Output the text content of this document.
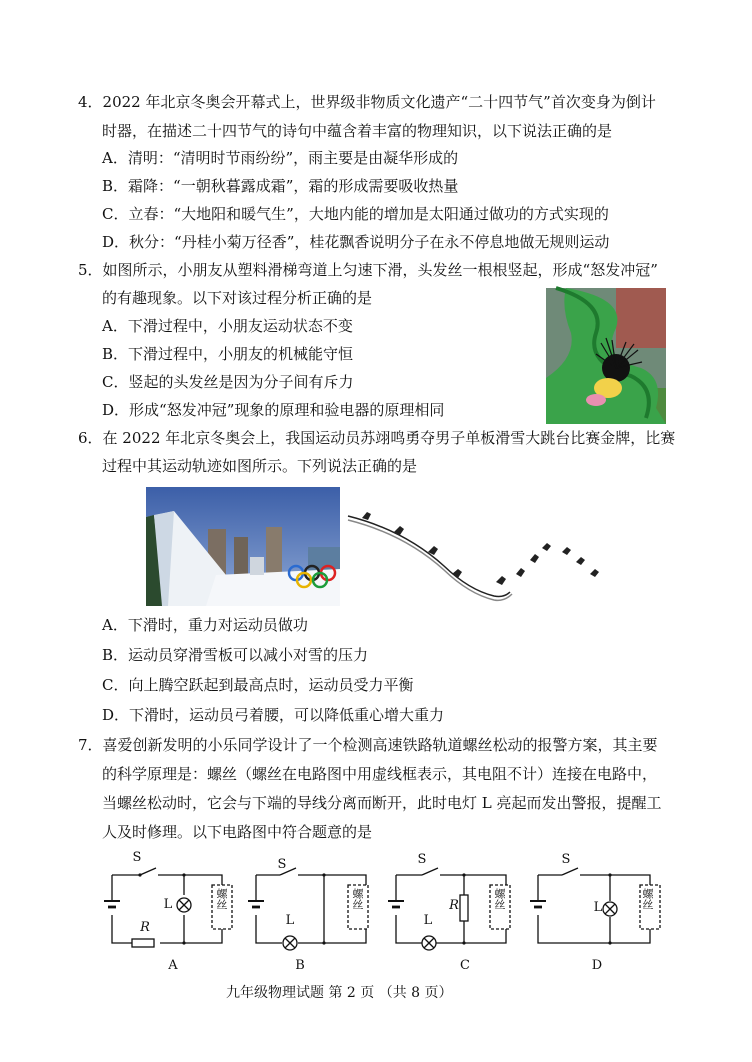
4．2022 年北京冬奥会开幕式上，世界级非物质文化遗产“二十四节气”首次变身为倒计
时器，在描述二十四节气的诗句中蕴含着丰富的物理知识，以下说法正确的是
A．清明：“清明时节雨纷纷”，雨主要是由凝华形成的
B．霜降：“一朝秋暮露成霜”，霜的形成需要吸收热量
C．立春：“大地阳和暖气生”，大地内能的增加是太阳通过做功的方式实现的
D．秋分：“丹桂小菊万径香”，桂花飘香说明分子在永不停息地做无规则运动
5．如图所示，小朋友从塑料滑梯弯道上匀速下滑，头发丝一根根竖起，形成“怒发冲冠”
的有趣现象。以下对该过程分析正确的是
A．下滑过程中，小朋友运动状态不变
B．下滑过程中，小朋友的机械能守恒
C．竖起的头发丝是因为分子间有斥力
D．形成“怒发冲冠”现象的原理和验电器的原理相同
6．在 2022 年北京冬奥会上，我国运动员苏翊鸣勇夺男子单板滑雪大跳台比赛金牌，比赛
过程中其运动轨迹如图所示。下列说法正确的是
A．下滑时，重力对运动员做功
B．运动员穿滑雪板可以减小对雪的压力
C．向上腾空跃起到最高点时，运动员受力平衡
D．下滑时，运动员弓着腰，可以降低重心增大重力
7．喜爱创新发明的小乐同学设计了一个检测高速铁路轨道螺丝松动的报警方案，其主要
的科学原理是：螺丝（螺丝在电路图中用虚线框表示，其电阻不计）连接在电路中，
当螺丝松动时，它会与下端的导线分离而断开，此时电灯 L 亮起而发出警报，提醒工
人及时修理。以下电路图中符合题意的是
S
L
R
螺丝
A
S
L
螺丝
B
S
R
L
螺丝
C
S
L	螺丝
D
九年级物理试题 第 2 页 （共 8 页）
